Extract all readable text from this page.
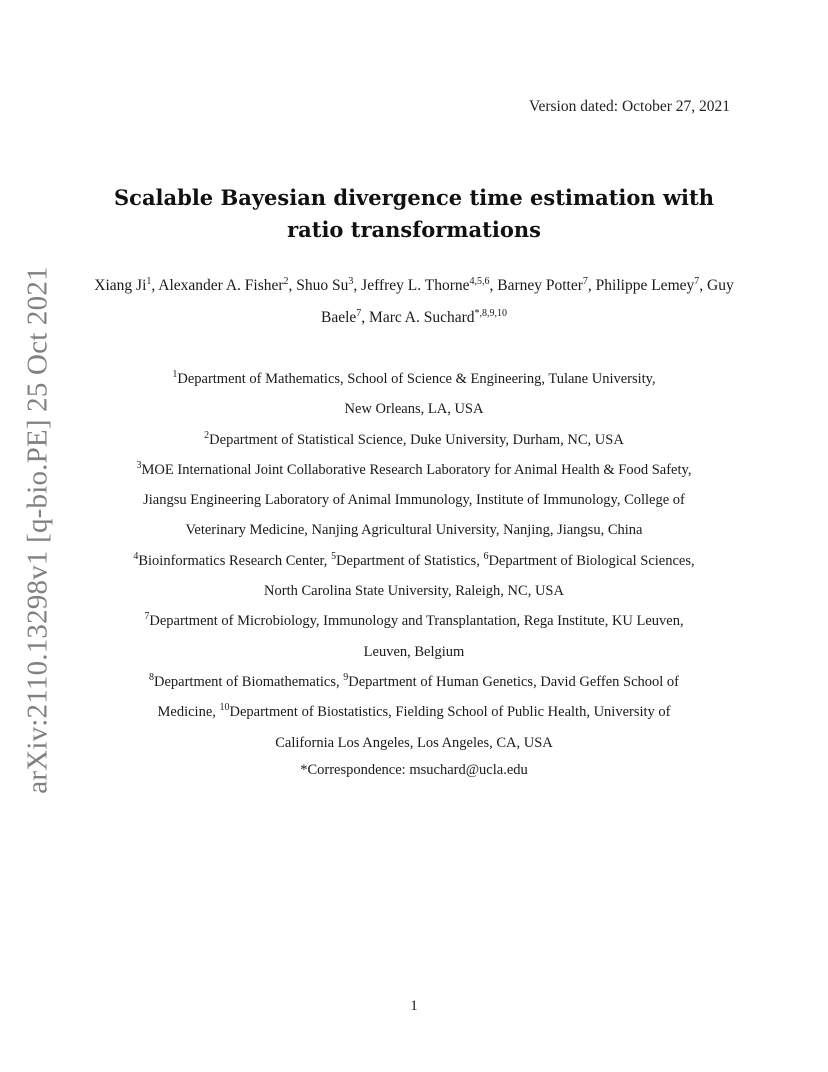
arXiv:2110.13298v1 [q-bio.PE] 25 Oct 2021
Version dated: October 27, 2021
Scalable Bayesian divergence time estimation with
ratio transformations
Xiang Ji$^1$, Alexander A. Fisher$^2$, Shuo Su$^3$, Jeffrey L. Thorne$^{4,5,6}$, Barney Potter$^7$, Philippe Lemey$^7$, Guy Baele$^7$, Marc A. Suchard$^{*,8,9,10}$
$^1$Department of Mathematics, School of Science & Engineering, Tulane University,
New Orleans, LA, USA
$^2$Department of Statistical Science, Duke University, Durham, NC, USA
$^3$MOE International Joint Collaborative Research Laboratory for Animal Health & Food Safety,
Jiangsu Engineering Laboratory of Animal Immunology, Institute of Immunology, College of
Veterinary Medicine, Nanjing Agricultural University, Nanjing, Jiangsu, China
$^4$Bioinformatics Research Center, $^5$Department of Statistics, $^6$Department of Biological Sciences,
North Carolina State University, Raleigh, NC, USA
$^7$Department of Microbiology, Immunology and Transplantation, Rega Institute, KU Leuven,
Leuven, Belgium
$^8$Department of Biomathematics, $^9$Department of Human Genetics, David Geffen School of
Medicine, $^{10}$Department of Biostatistics, Fielding School of Public Health, University of
California Los Angeles, Los Angeles, CA, USA
*Correspondence: msuchard@ucla.edu
1
